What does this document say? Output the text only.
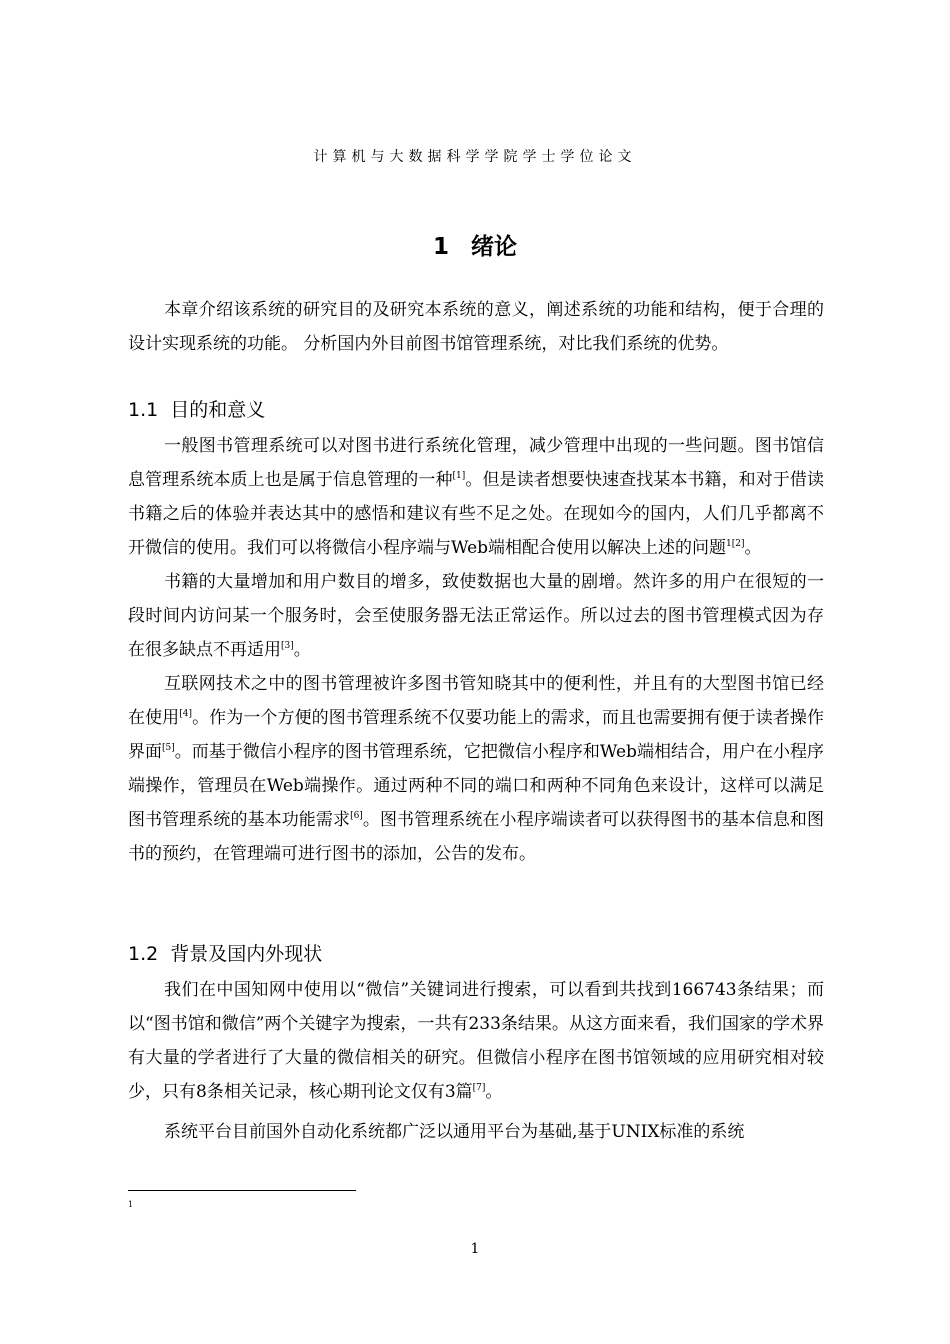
计算机与大数据科学学院学士学位论文
1 绪论

本章介绍该系统的研究目的及研究本系统的意义，阐述系统的功能和结构，便于合理的设计实现系统的功能。 分析国内外目前图书馆管理系统，对比我们系统的优势。

1.1 目的和意义

一般图书管理系统可以对图书进行系统化管理，减少管理中出现的一些问题。图书馆信息管理系统本质上也是属于信息管理的一种[1]。但是读者想要快速查找某本书籍，和对于借读书籍之后的体验并表达其中的感悟和建议有些不足之处。在现如今的国内，人们几乎都离不开微信的使用。我们可以将微信小程序端与Web端相配合使用以解决上述的问题$^{1[2]}$。

书籍的大量增加和用户数目的增多，致使数据也大量的剧增。然许多的用户在很短的一段时间内访问某一个服务时，会至使服务器无法正常运作。所以过去的图书管理模式因为存在很多缺点不再适用[3]。

互联网技术之中的图书管理被许多图书管知晓其中的便利性，并且有的大型图书馆已经在使用[4]。作为一个方便的图书管理系统不仅要功能上的需求，而且也需要拥有便于读者操作界面[5]。而基于微信小程序的图书管理系统，它把微信小程序和Web端相结合，用户在小程序端操作，管理员在Web端操作。通过两种不同的端口和两种不同角色来设计，这样可以满足图书管理系统的基本功能需求[6]。图书管理系统在小程序端读者可以获得图书的基本信息和图书的预约，在管理端可进行图书的添加，公告的发布。

1.2 背景及国内外现状

我们在中国知网中使用以“微信”关键词进行搜索，可以看到共找到166743条结果；而以“图书馆和微信”两个关键字为搜索，一共有233条结果。从这方面来看，我们国家的学术界有大量的学者进行了大量的微信相关的研究。但微信小程序在图书馆领域的应用研究相对较少，只有8条相关记录，核心期刊论文仅有3篇[7]。

系统平台目前国外自动化系统都广泛以通用平台为基础,基于UNIX标准的系统

1
1
